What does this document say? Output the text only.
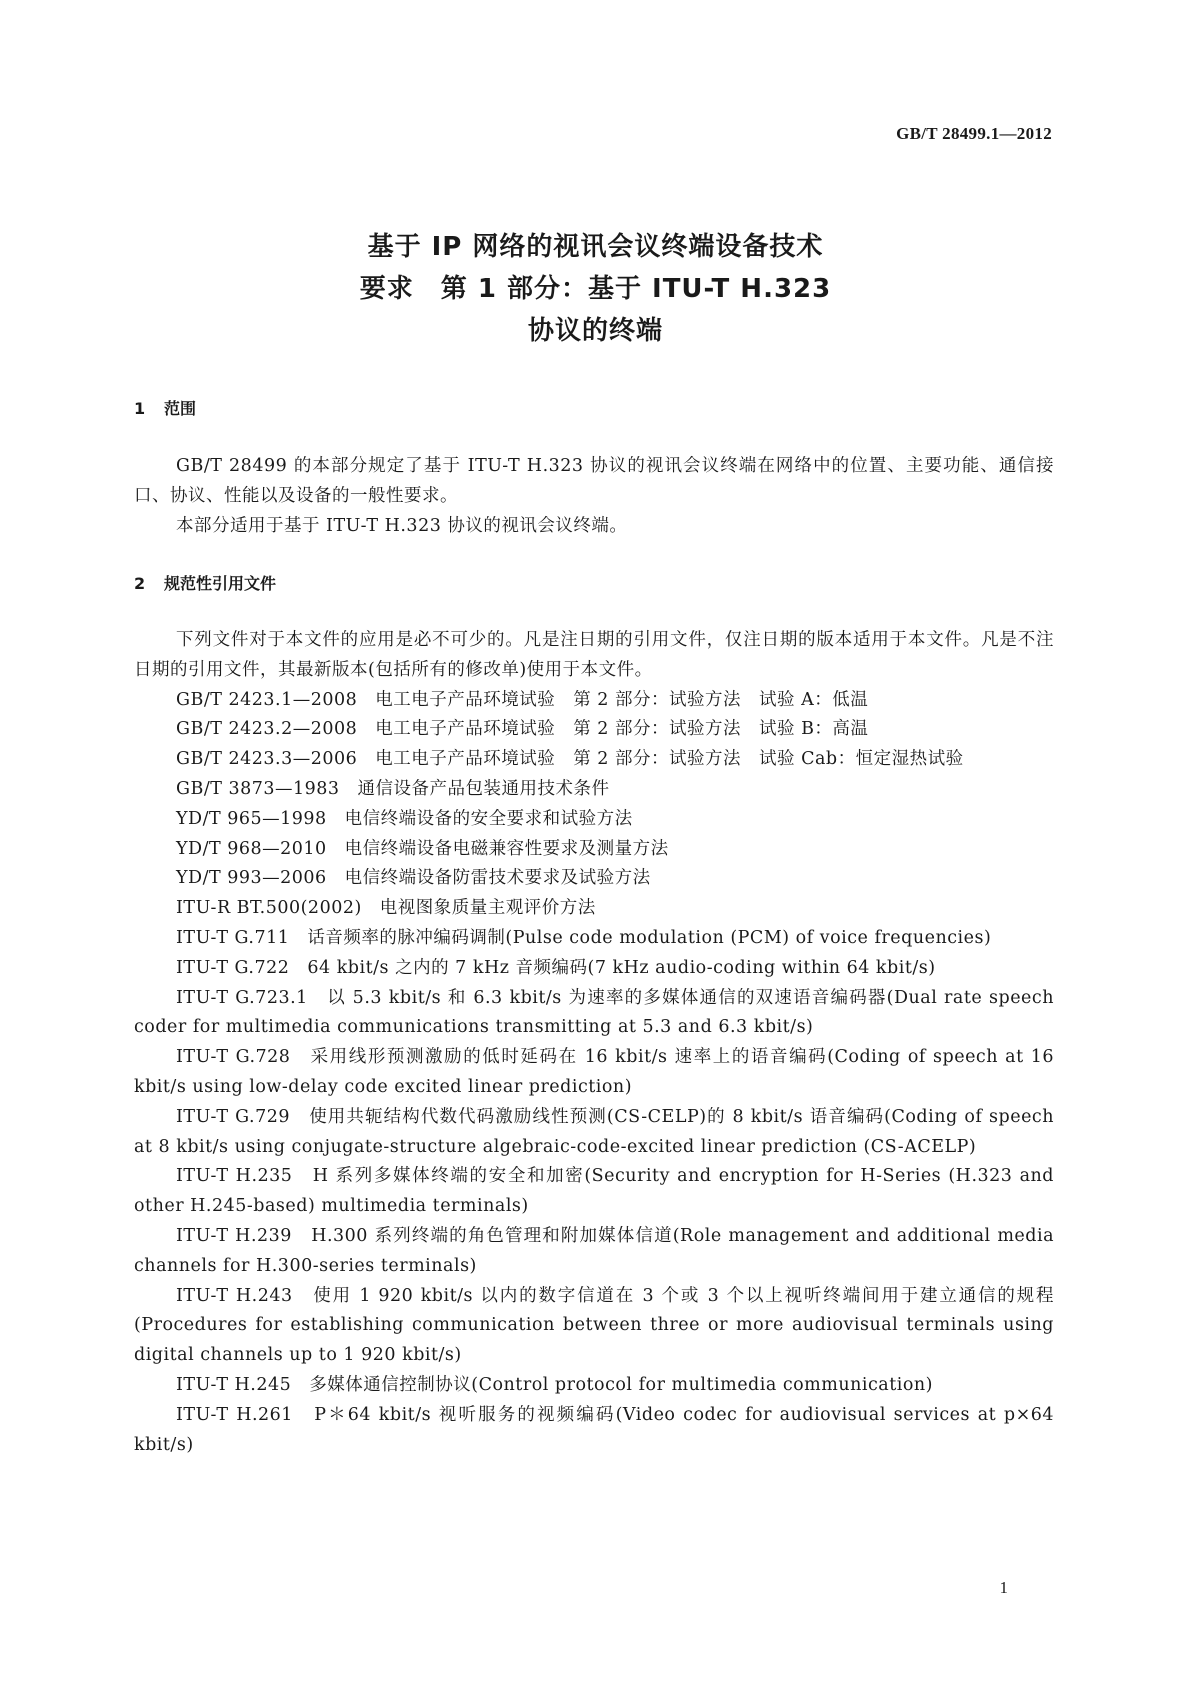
GB/T 28499.1—2012
基于 IP 网络的视讯会议终端设备技术
要求　第 1 部分：基于 ITU-T H.323
协议的终端
1 范围

GB/T 28499 的本部分规定了基于 ITU-T H.323 协议的视讯会议终端在网络中的位置、主要功能、通信接口、协议、性能以及设备的一般性要求。

本部分适用于基于 ITU-T H.323 协议的视讯会议终端。

2 规范性引用文件

下列文件对于本文件的应用是必不可少的。凡是注日期的引用文件，仅注日期的版本适用于本文件。凡是不注日期的引用文件，其最新版本(包括所有的修改单)使用于本文件。

GB/T 2423.1—2008　 电工电子产品环境试验　第 2 部分：试验方法　试验 A：低温

GB/T 2423.2—2008　 电工电子产品环境试验　第 2 部分：试验方法　试验 B：高温

GB/T 2423.3—2006　 电工电子产品环境试验　第 2 部分：试验方法　试验 Cab：恒定湿热试验

GB/T 3873—1983　 通信设备产品包装通用技术条件

YD/T 965—1998　 电信终端设备的安全要求和试验方法

YD/T 968—2010　 电信终端设备电磁兼容性要求及测量方法

YD/T 993—2006　 电信终端设备防雷技术要求及试验方法

ITU-R BT.500(2002)　 电视图象质量主观评价方法

ITU-T G.711　 话音频率的脉冲编码调制(Pulse code modulation (PCM) of voice frequencies)

ITU-T G.722　 64 kbit/s 之内的 7 kHz 音频编码(7 kHz audio-coding within 64 kbit/s)

ITU-T G.723.1　 以 5.3 kbit/s 和 6.3 kbit/s 为速率的多媒体通信的双速语音编码器(Dual rate speech coder for multimedia communications transmitting at 5.3 and 6.3 kbit/s)

ITU-T G.728　 采用线形预测激励的低时延码在 16 kbit/s 速率上的语音编码(Coding of speech at 16 kbit/s using low-delay code excited linear prediction)

ITU-T G.729　 使用共轭结构代数代码激励线性预测(CS-CELP)的 8 kbit/s 语音编码(Coding of speech at 8 kbit/s using conjugate-structure algebraic-code-excited linear prediction (CS-ACELP)

ITU-T H.235　 H 系列多媒体终端的安全和加密(Security and encryption for H-Series (H.323 and other H.245-based) multimedia terminals)

ITU-T H.239　 H.300 系列终端的角色管理和附加媒体信道(Role management and additional media channels for H.300-series terminals)

ITU-T H.243　 使用 1 920 kbit/s 以内的数字信道在 3 个或 3 个以上视听终端间用于建立通信的规程(Procedures for establishing communication between three or more audiovisual terminals using digital channels up to 1 920 kbit/s)

ITU-T H.245　 多媒体通信控制协议(Control protocol for multimedia communication)

ITU-T H.261　 P＊64 kbit/s 视听服务的视频编码(Video codec for audiovisual services at p×64 kbit/s)

1
